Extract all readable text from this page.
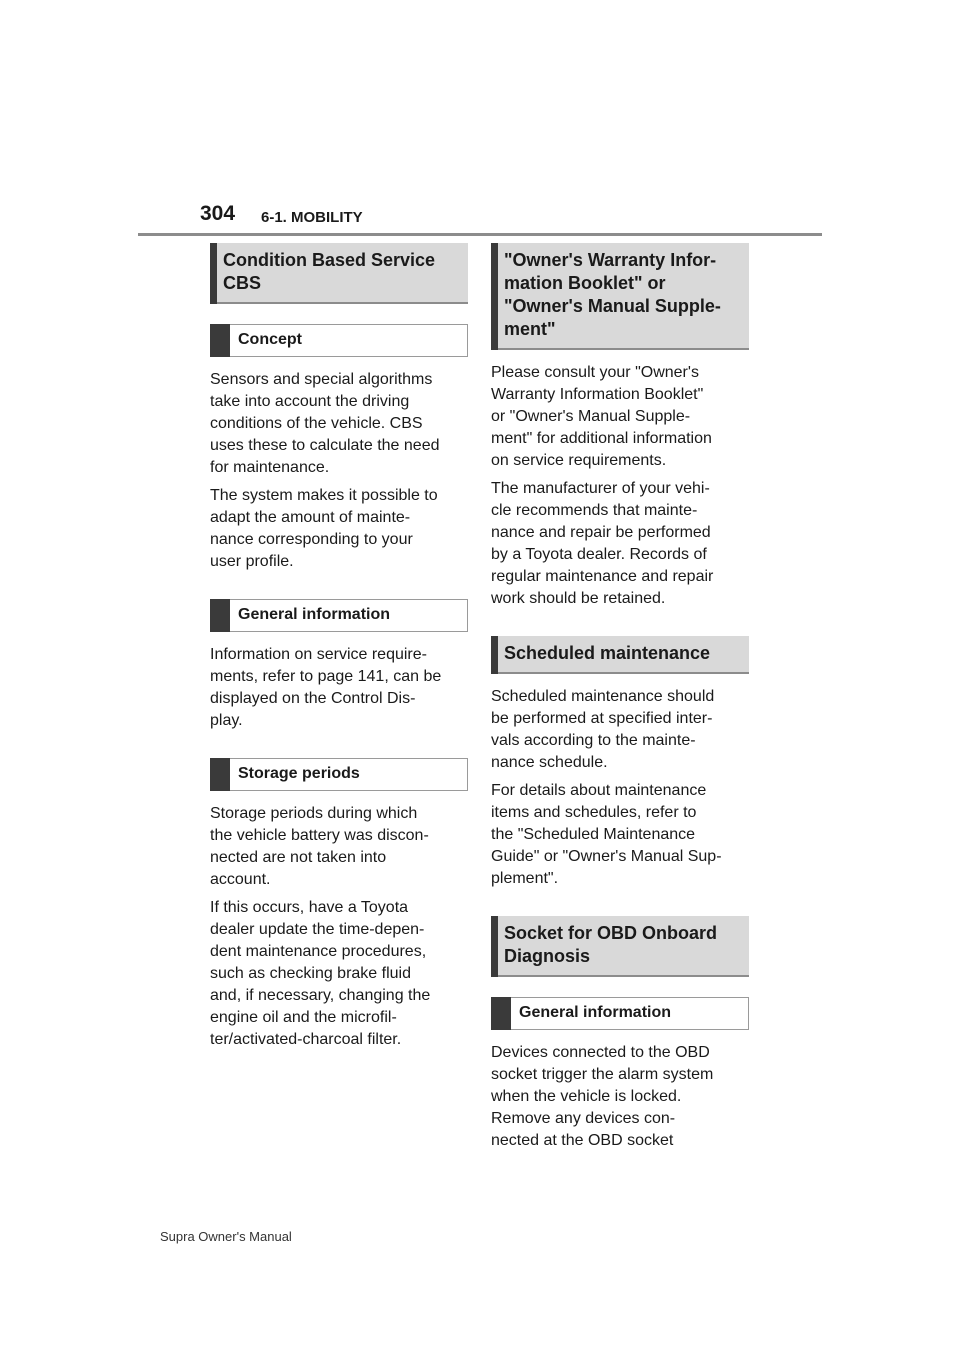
304 6-1. MOBILITY
Condition Based Service
CBS
Concept

Sensors and special algorithms
take into account the driving
conditions of the vehicle. CBS
uses these to calculate the need
for maintenance.

The system makes it possible to
adapt the amount of mainte-
nance corresponding to your
user profile.

General information

Information on service require-
ments, refer to page 141, can be
displayed on the Control Dis-
play.

Storage periods

Storage periods during which
the vehicle battery was discon-
nected are not taken into
account.

If this occurs, have a Toyota
dealer update the time-depen-
dent maintenance procedures,
such as checking brake fluid
and, if necessary, changing the
engine oil and the microfil-
ter/activated-charcoal filter.

"Owner's Warranty Infor-
mation Booklet" or
"Owner's Manual Supple-
ment"

Please consult your "Owner's
Warranty Information Booklet"
or "Owner's Manual Supple-
ment" for additional information
on service requirements.

The manufacturer of your vehi-
cle recommends that mainte-
nance and repair be performed
by a Toyota dealer. Records of
regular maintenance and repair
work should be retained.

Scheduled maintenance

Scheduled maintenance should
be performed at specified inter-
vals according to the mainte-
nance schedule.

For details about maintenance
items and schedules, refer to
the "Scheduled Maintenance
Guide" or "Owner's Manual Sup-
plement".

Socket for OBD Onboard
Diagnosis
General information

Devices connected to the OBD
socket trigger the alarm system
when the vehicle is locked.
Remove any devices con-
nected at the OBD socket

Supra Owner's Manual
